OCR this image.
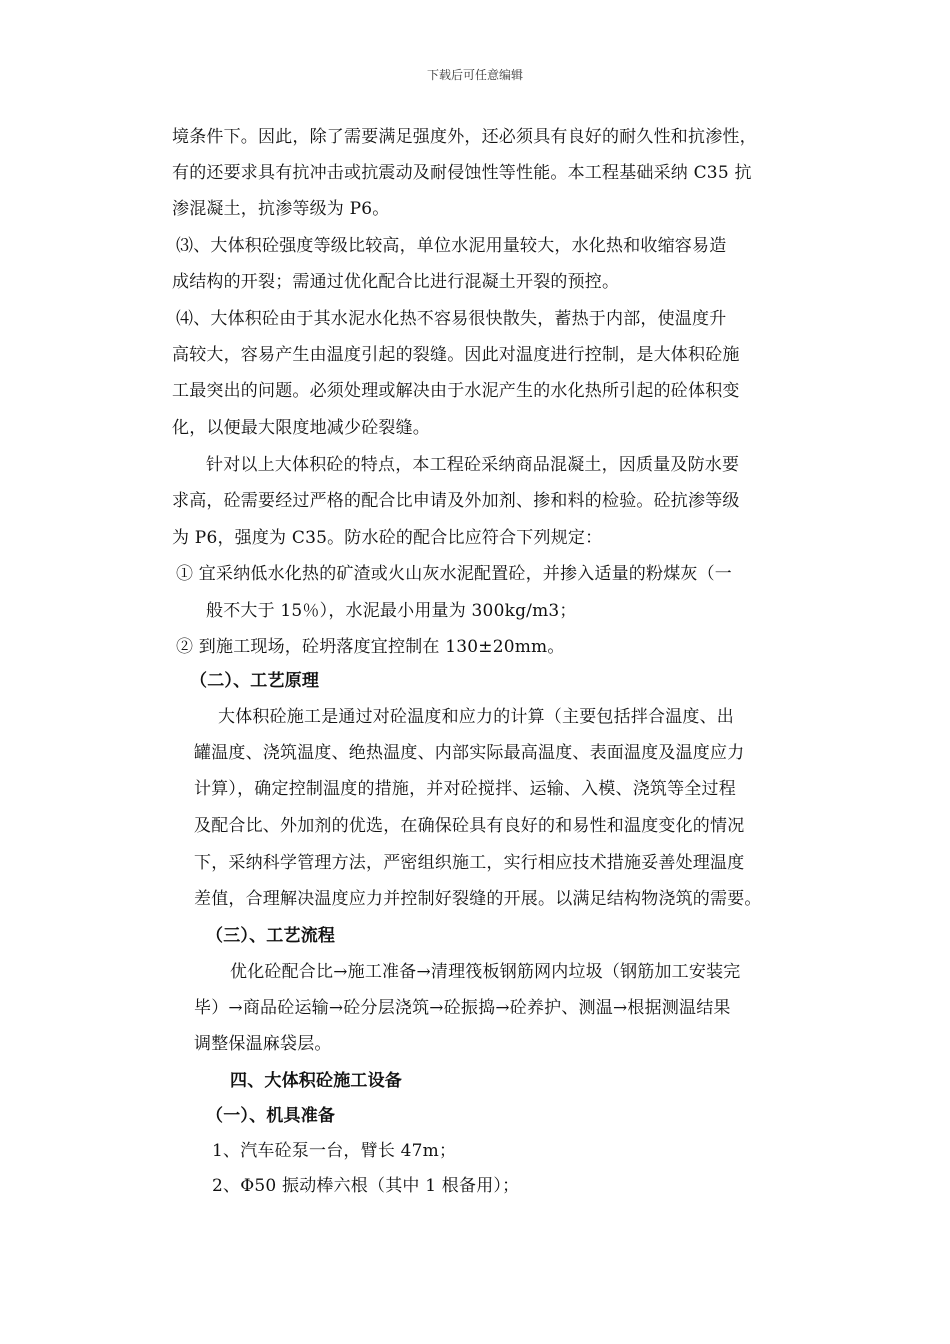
下载后可任意编辑
境条件下。因此，除了需要满足强度外，还必须具有良好的耐久性和抗渗性，
有的还要求具有抗冲击或抗震动及耐侵蚀性等性能。本工程基础采纳 C35 抗
渗混凝土，抗渗等级为 P6。
⑶、大体积砼强度等级比较高，单位水泥用量较大，水化热和收缩容易造
成结构的开裂；需通过优化配合比进行混凝土开裂的预控。
⑷、大体积砼由于其水泥水化热不容易很快散失，蓄热于内部，使温度升
高较大，容易产生由温度引起的裂缝。因此对温度进行控制，是大体积砼施
工最突出的问题。必须处理或解决由于水泥产生的水化热所引起的砼体积变
化，以便最大限度地减少砼裂缝。
针对以上大体积砼的特点，本工程砼采纳商品混凝土，因质量及防水要
求高，砼需要经过严格的配合比申请及外加剂、掺和料的检验。砼抗渗等级
为 P6，强度为 C35。防水砼的配合比应符合下列规定：
① 宜采纳低水化热的矿渣或火山灰水泥配置砼，并掺入适量的粉煤灰（一
般不大于 15％），水泥最小用量为 300kg/m3；
② 到施工现场，砼坍落度宜控制在 130±20mm。
（二）、工艺原理
大体积砼施工是通过对砼温度和应力的计算（主要包括拌合温度、出
罐温度、浇筑温度、绝热温度、内部实际最高温度、表面温度及温度应力
计算），确定控制温度的措施，并对砼搅拌、运输、入模、浇筑等全过程
及配合比、外加剂的优选，在确保砼具有良好的和易性和温度变化的情况
下，采纳科学管理方法，严密组织施工，实行相应技术措施妥善处理温度
差值，合理解决温度应力并控制好裂缝的开展。以满足结构物浇筑的需要。
（三）、工艺流程
优化砼配合比→施工准备→清理筏板钢筋网内垃圾（钢筋加工安装完
毕）→商品砼运输→砼分层浇筑→砼振捣→砼养护、测温→根据测温结果
调整保温麻袋层。
四、大体积砼施工设备
（一）、机具准备
1、汽车砼泵一台，臂长 47m；
2、Φ50 振动棒六根（其中 1 根备用）；
